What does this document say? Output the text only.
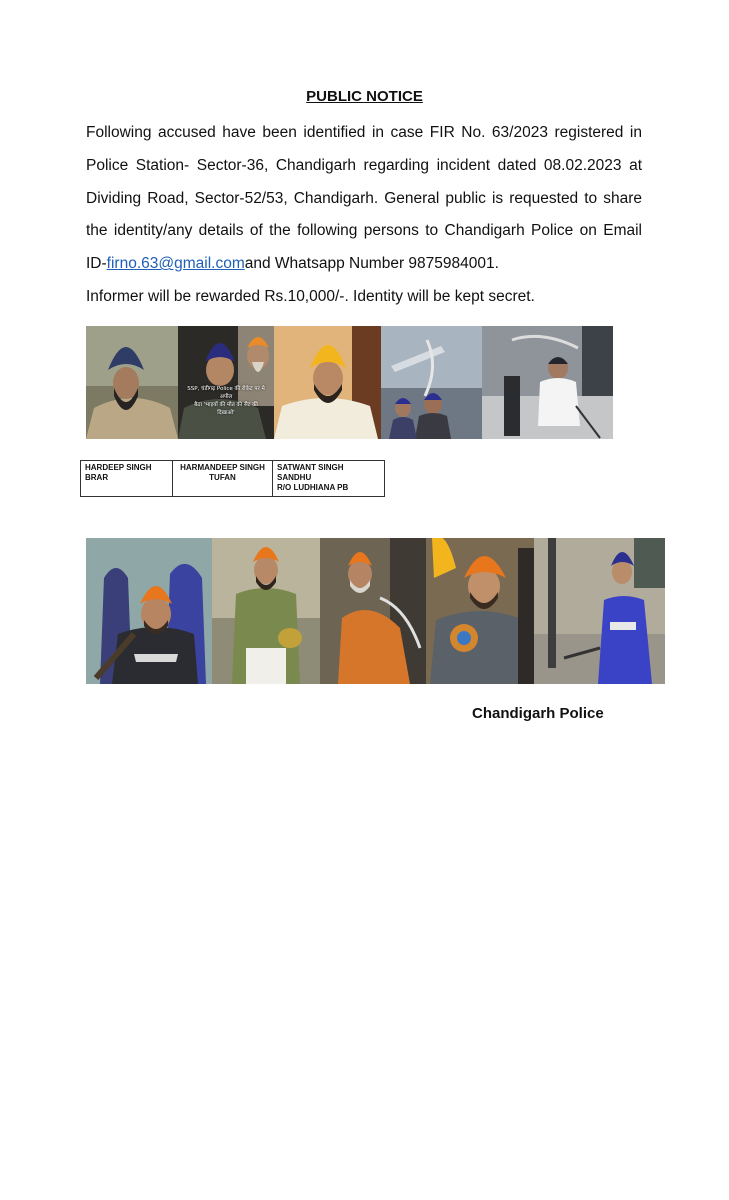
PUBLIC NOTICE
Following accused have been identified in case FIR No. 63/2023 registered in Police Station- Sector-36, Chandigarh regarding incident dated 08.02.2023 at Dividing Road, Sector-52/53, Chandigarh. General public is requested to share the identity/any details of the following persons to Chandigarh Police on Email ID-firno.63@gmail.comand Whatsapp Number 9875984001.
Informer will be rewarded Rs.10,000/-. Identity will be kept secret.
SSP, चंडीगढ़ Police की रोकेट पर मे अपील
बैठा 'भाइयों की मौत की सैट की दिखाओ'
HARDEEP SINGH
BRAR
HARMANDEEP SINGH
TUFAN
SATWANT SINGH
SANDHU
R/O LUDHIANA PB
Chandigarh Police
